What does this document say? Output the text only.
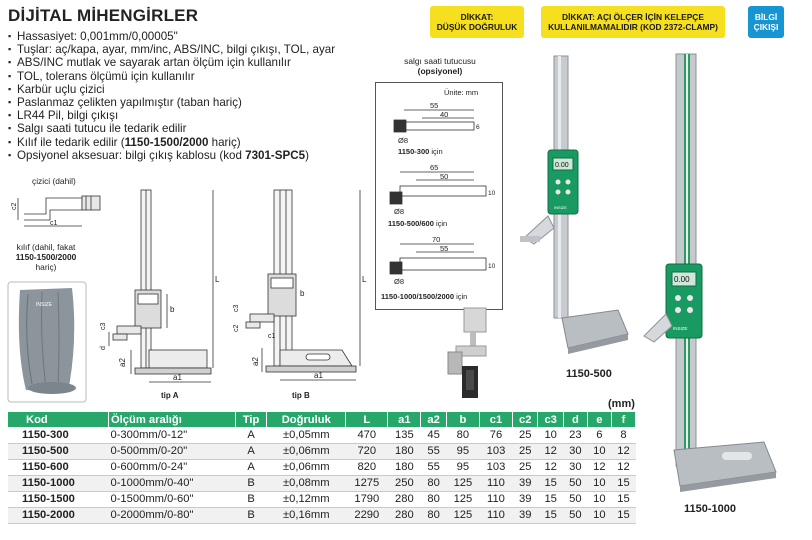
DİJİTAL MİHENGİRLER
▪ Hassasiyet: 0,001mm/0,00005"
▪ Tuşlar: aç/kapa, ayar, mm/inc, ABS/INC, bilgi çıkışı, TOL, ayar
▪ ABS/INC mutlak ve sayarak artan ölçüm için kullanılır
▪ TOL, tolerans ölçümü için kullanılır
▪ Karbür uçlu çizici
▪ Paslanmaz çelikten yapılmıştır (taban hariç)
▪ LR44 Pil, bilgi çıkışı
▪ Salgı saati tutucu ile tedarik edilir
▪ Kılıf ile tedarik edilir (1150-1500/2000 hariç)
▪ Opsiyonel aksesuar: bilgi çıkış kablosu (kod 7301-SPC5)
DİKKAT:
DÜŞÜK DOĞRULUK
DİKKAT: AÇI ÖLÇER İÇİN KELEPÇE
KULLANILMAMALIDIR (KOD 2372-CLAMP)
BİLGİ
ÇIKIŞI
çizici (dahil)
kılıf (dahil, fakat
1150-1500/2000
hariç)
c2
c1
INSIZE	b
L
a1
a2
c3
d
tip A
L
a1
a2
b
c2
c3
c1
tip B
salgı saati tutucusu
(opsiyonel)
Ünite: mm
55
40
6
Ø8
65
50
10
Ø8
70
55
10
Ø8
1150-300 için
1150-500/600 için
1150-1000/1500/2000 için
0.00
INSIZE
1150-500
0.00
INSIZE
1150-1000
(mm)
Kod	Ölçüm aralığı	Tip	Doğruluk	L	a1	a2	b	c1	c2	c3	d	e	f
1150-300	0-300mm/0-12"	A	±0,05mm	470	135	45	80	76	25	10	23	6	8
1150-500	0-500mm/0-20"	A	±0,06mm	720	180	55	95	103	25	12	30	10	12
1150-600	0-600mm/0-24"	A	±0,06mm	820	180	55	95	103	25	12	30	12	12
1150-1000	0-1000mm/0-40"	B	±0,08mm	1275	250	80	125	110	39	15	50	10	15
1150-1500	0-1500mm/0-60"	B	±0,12mm	1790	280	80	125	110	39	15	50	10	15
1150-2000	0-2000mm/0-80"	B	±0,16mm	2290	280	80	125	110	39	15	50	10	15
